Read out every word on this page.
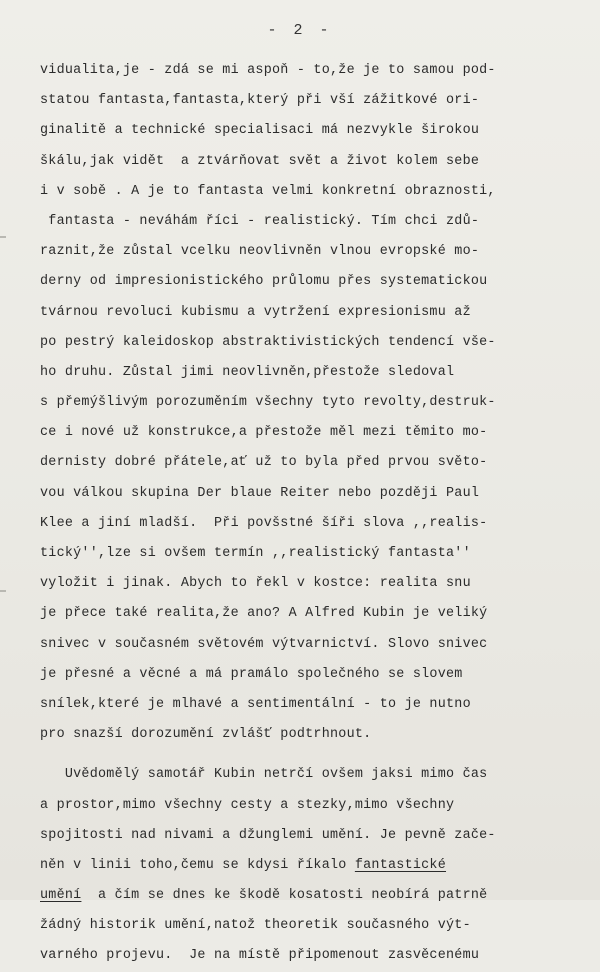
- 2 -
vidualita,je - zdá se mi aspoň - to,že je to samou pod-
statou fantasta,fantasta,který při vší zážitkové ori-
ginalitě a technické specialisaci má nezvykle širokou
škálu,jak vidět  a ztvárňovat svět a život kolem sebe
i v sobě . A je to fantasta velmi konkretní obraznosti,
fantasta - neváhám říci - realistický. Tím chci zdů-
raznit,že zůstal vcelku neovlivněn vlnou evropské mo-
derny od impresionistického průlomu přes systematickou
tvárnou revoluci kubismu a vytržení expresionismu až
po pestrý kaleidoskop abstraktivistických tendencí vše-
ho druhu. Zůstal jimi neovlivněn,přestože sledoval
s přemýšlivým porozuměním všechny tyto revolty,destruk-
ce i nové už konstrukce,a přestože měl mezi těmito mo-
dernisty dobré přátele,ať už to byla před prvou světo-
vou válkou skupina Der blaue Reiter nebo později Paul
Klee a jiní mladší.  Při povšstné šíři slova ,,realis-
tický'',lze si ovšem termín ,,realistický fantasta''
vyložit i jinak. Abych to řekl v kostce: realita snu
je přece také realita,že ano? A Alfred Kubin je veliký
snivec v současném světovém výtvarnictví. Slovo snivec
je přesné a věcné a má pramálo společného se slovem
snílek,které je mlhavé a sentimentální - to je nutno
pro snazší dorozumění zvlášť podtrhnout.
Uvědomělý samotář Kubin netrčí ovšem jaksi mimo čas
a prostor,mimo všechny cesty a stezky,mimo všechny
spojitosti nad nivami a džunglemi umění. Je pevně zače-
něn v linii toho,čemu se kdysi říkalo fantastické
umění  a čím se dnes ke škodě kosatosti neobírá patrně
žádný historik umění,natož theoretik současného výt-
varného projevu.  Je na místě připomenout zasvěcenému
